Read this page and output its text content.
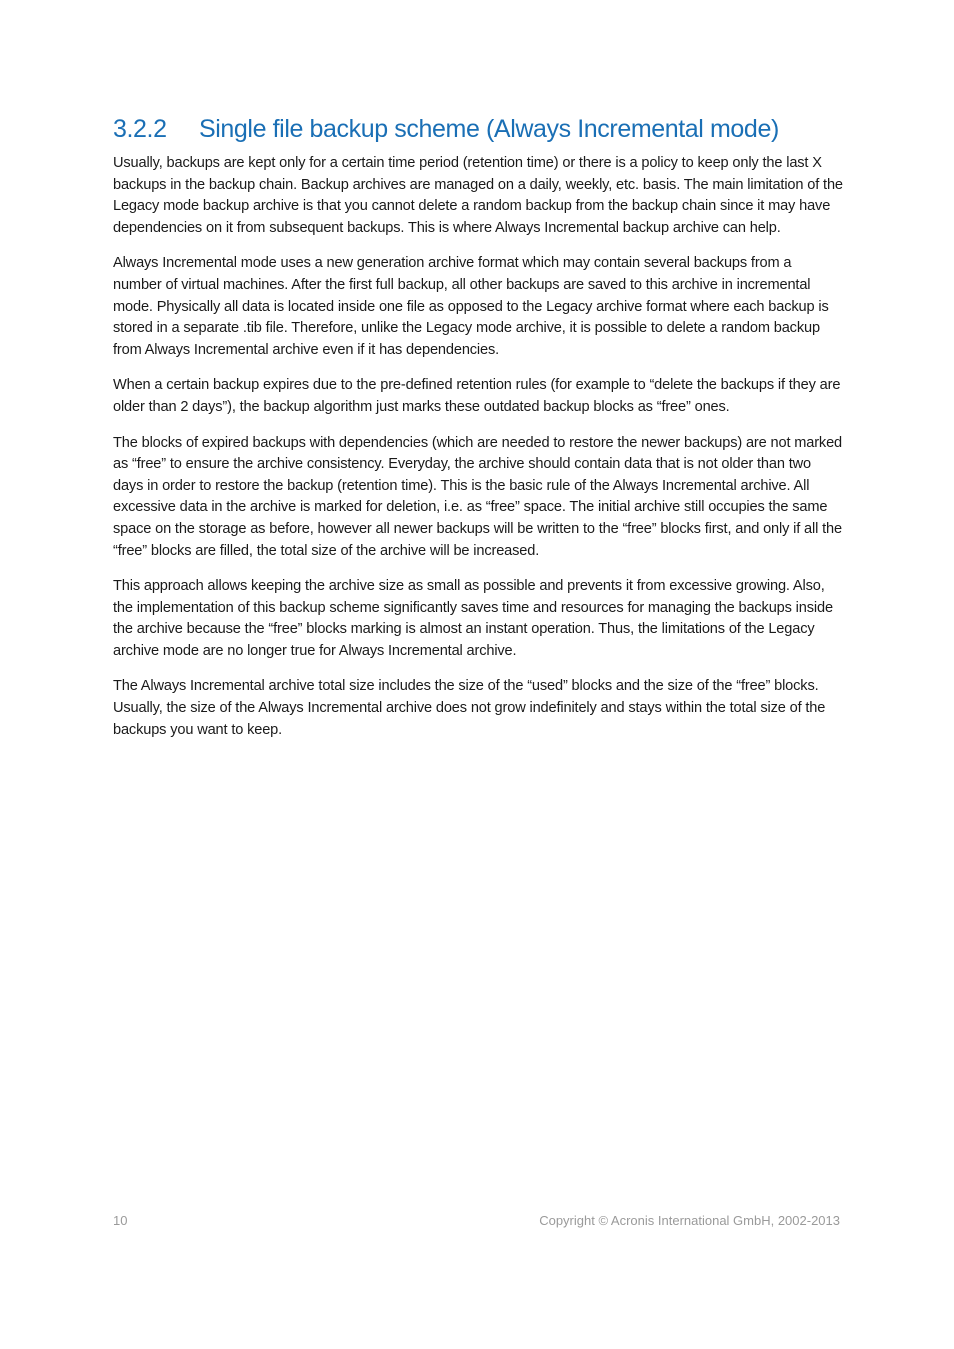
3.2.2 Single file backup scheme (Always Incremental mode)

Usually, backups are kept only for a certain time period (retention time) or there is a policy to keep only the last X backups in the backup chain. Backup archives are managed on a daily, weekly, etc. basis. The main limitation of the Legacy mode backup archive is that you cannot delete a random backup from the backup chain since it may have dependencies on it from subsequent backups. This is where Always Incremental backup archive can help.

Always Incremental mode uses a new generation archive format which may contain several backups from a number of virtual machines. After the first full backup, all other backups are saved to this archive in incremental mode. Physically all data is located inside one file as opposed to the Legacy archive format where each backup is stored in a separate .tib file. Therefore, unlike the Legacy mode archive, it is possible to delete a random backup from Always Incremental archive even if it has dependencies.

When a certain backup expires due to the pre-defined retention rules (for example to “delete the backups if they are older than 2 days”), the backup algorithm just marks these outdated backup blocks as “free” ones.

The blocks of expired backups with dependencies (which are needed to restore the newer backups) are not marked as “free” to ensure the archive consistency. Everyday, the archive should contain data that is not older than two days in order to restore the backup (retention time). This is the basic rule of the Always Incremental archive. All excessive data in the archive is marked for deletion, i.e. as “free” space. The initial archive still occupies the same space on the storage as before, however all newer backups will be written to the “free” blocks first, and only if all the “free” blocks are filled, the total size of the archive will be increased.

This approach allows keeping the archive size as small as possible and prevents it from excessive growing. Also, the implementation of this backup scheme significantly saves time and resources for managing the backups inside the archive because the “free” blocks marking is almost an instant operation. Thus, the limitations of the Legacy archive mode are no longer true for Always Incremental archive.

The Always Incremental archive total size includes the size of the “used” blocks and the size of the “free” blocks. Usually, the size of the Always Incremental archive does not grow indefinitely and stays within the total size of the backups you want to keep.

10	Copyright © Acronis International GmbH, 2002-2013
